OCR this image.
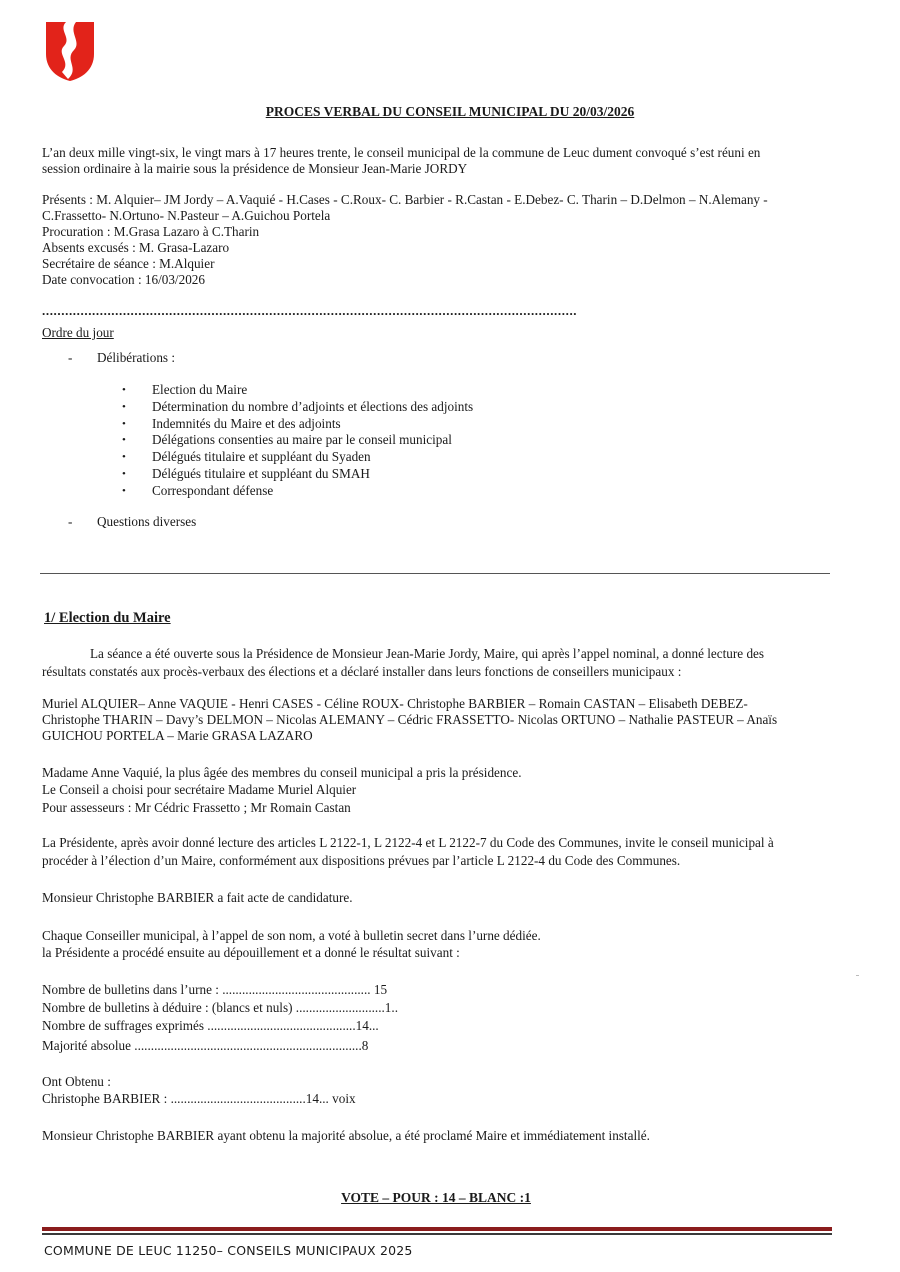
PROCES VERBAL DU CONSEIL MUNICIPAL DU 20/03/2026
L’an deux mille vingt-six, le vingt mars à 17 heures trente, le conseil municipal de la commune de Leuc dument convoqué s’est réuni en
session ordinaire à la mairie sous la présidence de Monsieur Jean-Marie JORDY
Présents : M. Alquier– JM Jordy – A.Vaquié - H.Cases - C.Roux- C. Barbier - R.Castan - E.Debez- C. Tharin – D.Delmon – N.Alemany -
C.Frassetto- N.Ortuno- N.Pasteur – A.Guichou Portela
Procuration : M.Grasa Lazaro à C.Tharin
Absents excusés : M. Grasa-Lazaro
Secrétaire de séance : M.Alquier
Date convocation : 16/03/2026
...........................................................................................................................................
Ordre du jour
- Délibérations :
• Election du Maire
• Détermination du nombre d’adjoints et élections des adjoints
• Indemnités du Maire et des adjoints
• Délégations consenties au maire par le conseil municipal
• Délégués titulaire et suppléant du Syaden
• Délégués titulaire et suppléant du SMAH
• Correspondant défense
- Questions diverses
1/ Election du Maire
La séance a été ouverte sous la Présidence de Monsieur Jean-Marie Jordy, Maire, qui après l’appel nominal, a donné lecture des
résultats constatés aux procès-verbaux des élections et a déclaré installer dans leurs fonctions de conseillers municipaux :
Muriel ALQUIER– Anne VAQUIE - Henri CASES - Céline ROUX- Christophe BARBIER – Romain CASTAN – Elisabeth DEBEZ-
Christophe THARIN – Davy’s DELMON – Nicolas ALEMANY – Cédric FRASSETTO- Nicolas ORTUNO – Nathalie PASTEUR – Anaïs
GUICHOU PORTELA – Marie GRASA LAZARO
Madame Anne Vaquié, la plus âgée des membres du conseil municipal a pris la présidence.
Le Conseil a choisi pour secrétaire Madame Muriel Alquier
Pour assesseurs : Mr Cédric Frassetto ; Mr Romain Castan
La Présidente, après avoir donné lecture des articles L 2122-1, L 2122-4 et L 2122-7 du Code des Communes, invite le conseil municipal à
procéder à l’élection d’un Maire, conformément aux dispositions prévues par l’article L 2122-4 du Code des Communes.
Monsieur Christophe BARBIER a fait acte de candidature.
Chaque Conseiller municipal, à l’appel de son nom, a voté à bulletin secret dans l’urne dédiée.
la Présidente a procédé ensuite au dépouillement et a donné le résultat suivant :
Nombre de bulletins dans l’urne : ............................................. 15
Nombre de bulletins à déduire : (blancs et nuls) ...........................1..
Nombre de suffrages exprimés .............................................14...
Majorité absolue .....................................................................8
Ont Obtenu :
Christophe BARBIER : .........................................14... voix
Monsieur Christophe BARBIER ayant obtenu la majorité absolue, a été proclamé Maire et immédiatement installé.
VOTE – POUR : 14 – BLANC :1
COMMUNE DE LEUC 11250– CONSEILS MUNICIPAUX 2025
